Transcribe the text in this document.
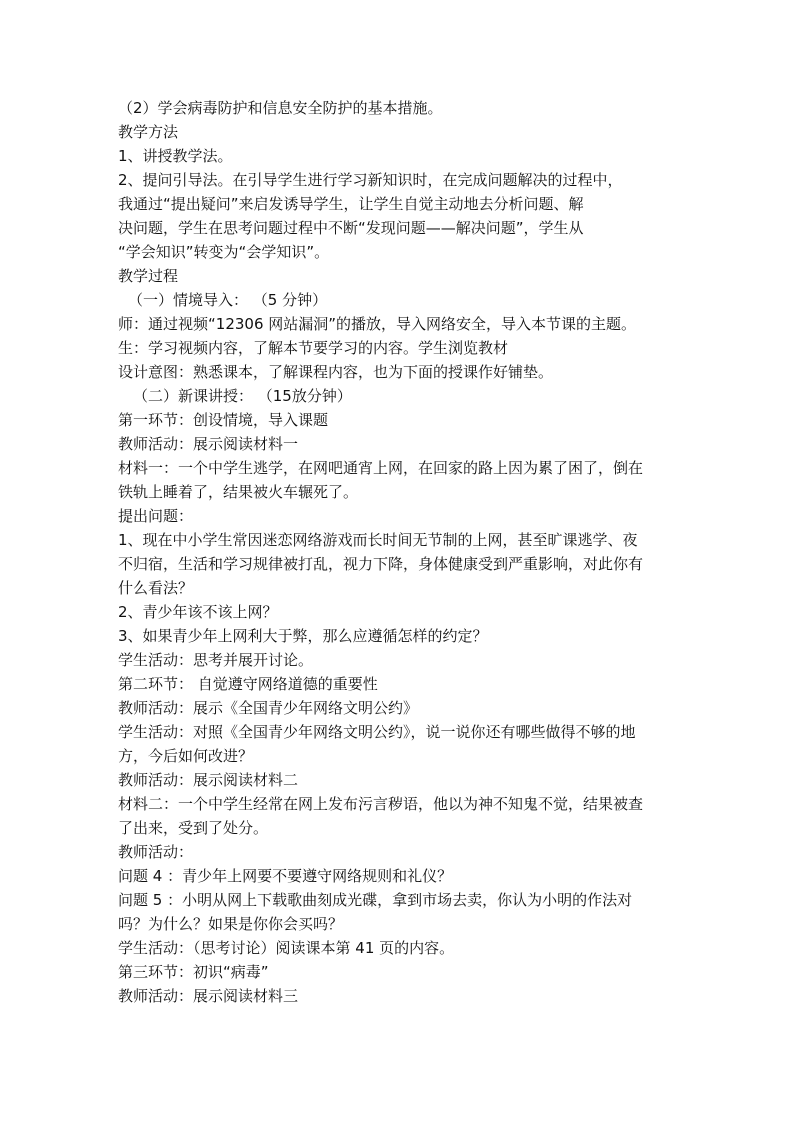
（2）学会病毒防护和信息安全防护的基本措施。
教学方法
1、讲授教学法。
2、提问引导法。在引导学生进行学习新知识时，在完成问题解决的过程中，
我通过“提出疑问”来启发诱导学生，让学生自觉主动地去分析问题、解
决问题，学生在思考问题过程中不断“发现问题——解决问题”，学生从
“学会知识”转变为“会学知识”。
教学过程
（一）情境导入： （5 分钟）
师：通过视频“12306 网站漏洞”的播放，导入网络安全，导入本节课的主题。
生：学习视频内容，了解本节要学习的内容。学生浏览教材
设计意图：熟悉课本，了解课程内容，也为下面的授课作好铺垫。
（二）新课讲授： （15放分钟）
第一环节：创设情境，导入课题
教师活动：展示阅读材料一
材料一：一个中学生逃学，在网吧通宵上网，在回家的路上因为累了困了，倒在
铁轨上睡着了，结果被火车辗死了。
提出问题：
1、现在中小学生常因迷恋网络游戏而长时间无节制的上网，甚至旷课逃学、夜
不归宿，生活和学习规律被打乱，视力下降，身体健康受到严重影响，对此你有
什么看法？
2、青少年该不该上网？
3、如果青少年上网利大于弊，那么应遵循怎样的约定？
学生活动：思考并展开讨论。
第二环节： 自觉遵守网络道德的重要性
教师活动：展示《全国青少年网络文明公约》
学生活动：对照《全国青少年网络文明公约》，说一说你还有哪些做得不够的地
方，今后如何改进？
教师活动：展示阅读材料二
材料二：一个中学生经常在网上发布污言秽语，他以为神不知鬼不觉，结果被查
了出来，受到了处分。
教师活动：
问题 4 ：青少年上网要不要遵守网络规则和礼仪？
问题 5 ：小明从网上下载歌曲刻成光碟，拿到市场去卖，你认为小明的作法对
吗？为什么？如果是你你会买吗？
学生活动：（思考讨论）阅读课本第 41 页的内容。
第三环节：初识“病毒”
教师活动：展示阅读材料三
